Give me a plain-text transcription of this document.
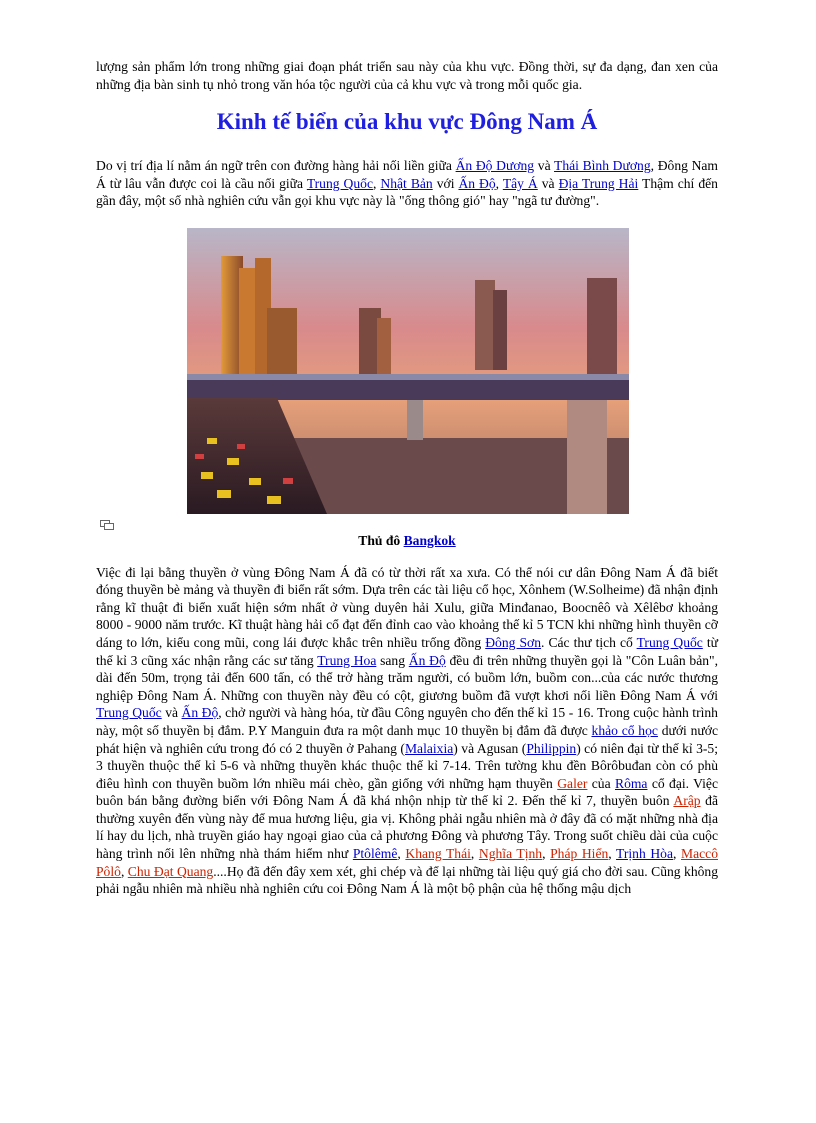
lượng sản phẩm lớn trong những giai đoạn phát triển sau này của khu vực. Đồng thời, sự đa dạng, đan xen của những địa bàn sinh tụ nhỏ trong văn hóa tộc người của cả khu vực và trong mỗi quốc gia.

Kinh tế biển của khu vực Đông Nam Á

Do vị trí địa lí nằm án ngữ trên con đường hàng hải nối liền giữa Ấn Độ Dương và Thái Bình Dương, Đông Nam Á từ lâu vẫn được coi là cầu nối giữa Trung Quốc, Nhật Bản với Ấn Độ, Tây Á và Địa Trung Hải Thậm chí đến gần đây, một số nhà nghiên cứu vẫn gọi khu vực này là "ống thông gió" hay "ngã tư đường".

Thủ đô Bangkok

Việc đi lại bằng thuyền ở vùng Đông Nam Á đã có từ thời rất xa xưa. Có thể nói cư dân Đông Nam Á đã biết đóng thuyền bè mảng và thuyền đi biển rất sớm. Dựa trên các tài liệu cổ học, Xônhem (W.Solheime) đã nhận định rằng kĩ thuật đi biển xuất hiện sớm nhất ở vùng duyên hải Xulu, giữa Minđanao, Boocnêô và Xêlêbơ khoảng 8000 - 9000 năm trước. Kĩ thuật hàng hải cổ đạt đến đỉnh cao vào khoảng thế kỉ 5 TCN khi những hình thuyền cỡ dáng to lớn, kiểu cong mũi, cong lái được khắc trên nhiều trống đồng Đông Sơn. Các thư tịch cổ Trung Quốc từ thế kỉ 3 cũng xác nhận rằng các sư tăng Trung Hoa sang Ấn Độ đều đi trên những thuyền gọi là "Côn Luân bản", dài đến 50m, trọng tải đến 600 tấn, có thể trở hàng trăm người, có buồm lớn, buồm con...của các nước thương nghiệp Đông Nam Á. Những con thuyền này đều có cột, giương buồm đã vượt khơi nối liền Đông Nam Á với Trung Quốc và Ấn Độ, chở người và hàng hóa, từ đầu Công nguyên cho đến thế kỉ 15 - 16. Trong cuộc hành trình này, một số thuyền bị đắm. P.Y Manguin đưa ra một danh mục 10 thuyền bị đắm đã được khảo cổ học dưới nước phát hiện và nghiên cứu trong đó có 2 thuyền ở Pahang (Malaixia) và Agusan (Philippin) có niên đại từ thế kỉ 3-5; 3 thuyền thuộc thế kỉ 5-6 và những thuyền khác thuộc thế kỉ 7-14. Trên tường khu đền Bôrôbuđan còn có phù điêu hình con thuyền buồm lớn nhiều mái chèo, gần giống với những hạm thuyền Galer của Rôma cổ đại. Việc buôn bán bằng đường biển với Đông Nam Á đã khá nhộn nhịp từ thế kỉ 2. Đến thế kỉ 7, thuyền buôn Arập đã thường xuyên đến vùng này để mua hương liệu, gia vị. Không phải ngẫu nhiên mà ở đây đã có mặt những nhà địa lí hay du lịch, nhà truyền giáo hay ngoại giao của cả phương Đông và phương Tây. Trong suốt chiều dài của cuộc hàng trình nối lên những nhà thám hiểm như Ptôlêmê, Khang Thái, Nghĩa Tịnh, Pháp Hiển, Trịnh Hòa, Maccô Pôlô, Chu Đạt Quang....Họ đã đến đây xem xét, ghi chép và để lại những tài liệu quý giá cho đời sau. Cũng không phải ngẫu nhiên mà nhiều nhà nghiên cứu coi Đông Nam Á là một bộ phận của hệ thống mậu dịch
